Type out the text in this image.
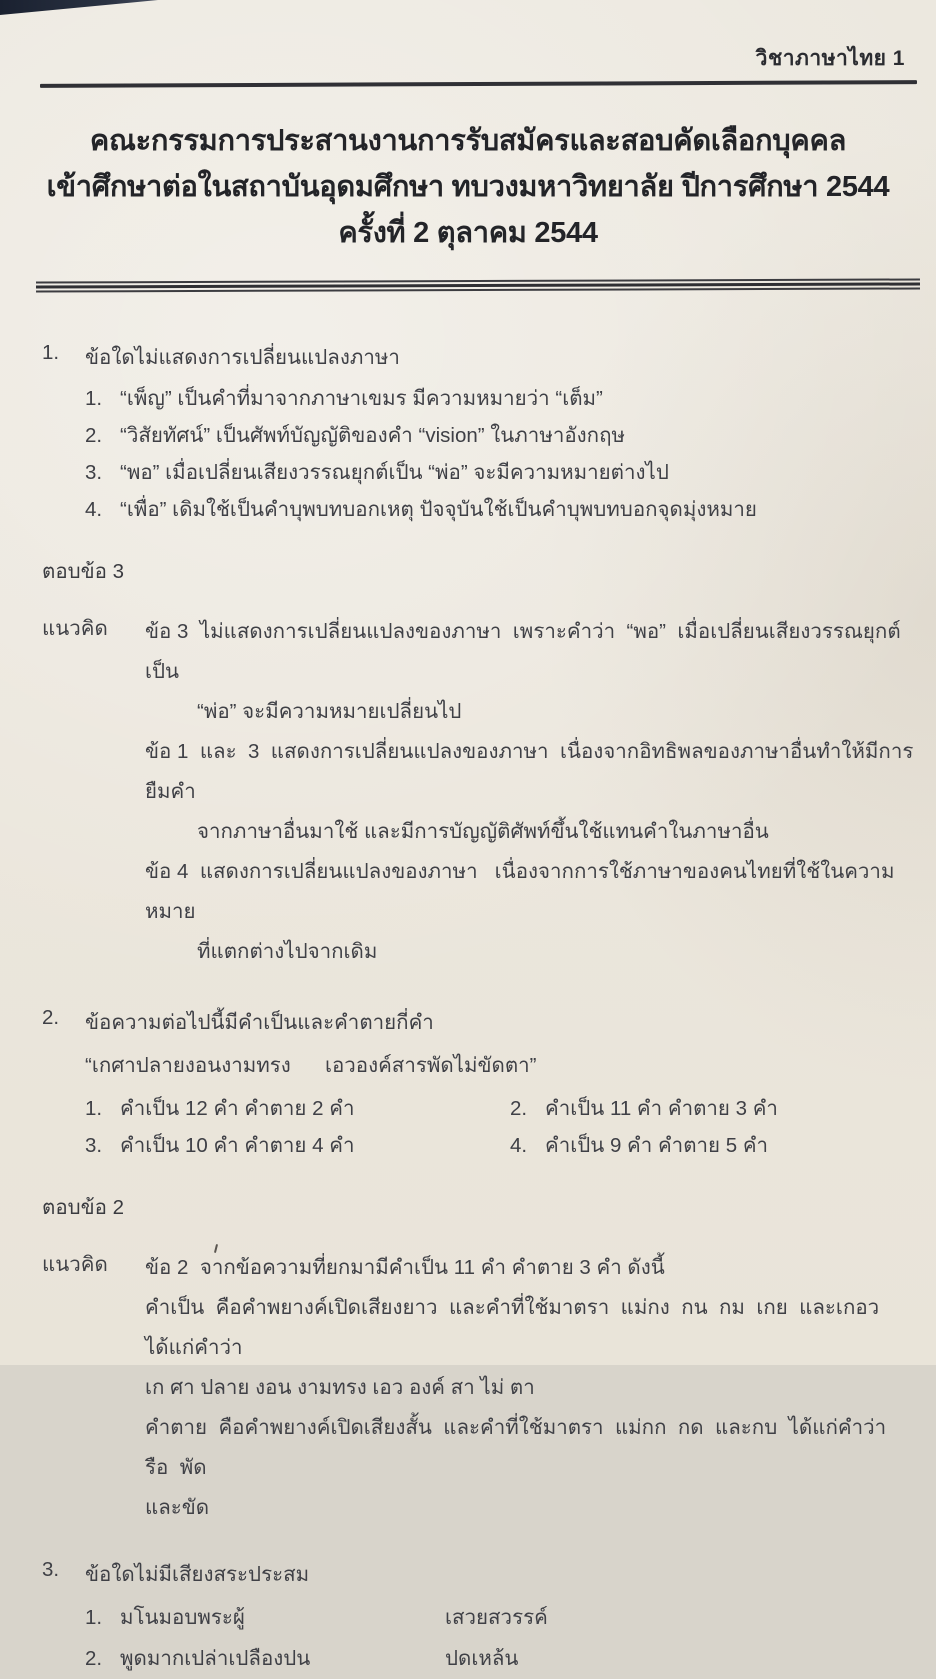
วิชาภาษาไทย 1
คณะกรรมการประสานงานการรับสมัครและสอบคัดเลือกบุคคล
เข้าศึกษาต่อในสถาบันอุดมศึกษา ทบวงมหาวิทยาลัย ปีการศึกษา 2544
ครั้งที่ 2 ตุลาคม 2544
1.	ข้อใดไม่แสดงการเปลี่ยนแปลงภาษา
1. “เพ็ญ” เป็นคำที่มาจากภาษาเขมร มีความหมายว่า “เต็ม”
2. “วิสัยทัศน์” เป็นศัพท์บัญญัติของคำ “vision” ในภาษาอังกฤษ
3. “พอ” เมื่อเปลี่ยนเสียงวรรณยุกต์เป็น “พ่อ” จะมีความหมายต่างไป
4. “เพื่อ” เดิมใช้เป็นคำบุพบทบอกเหตุ ปัจจุบันใช้เป็นคำบุพบทบอกจุดมุ่งหมาย
ตอบข้อ 3
แนวคิด	ข้อ 3  ไม่แสดงการเปลี่ยนแปลงของภาษา  เพราะคำว่า  “พอ”  เมื่อเปลี่ยนเสียงวรรณยุกต์เป็น
“พ่อ” จะมีความหมายเปลี่ยนไป
ข้อ 1  และ  3  แสดงการเปลี่ยนแปลงของภาษา  เนื่องจากอิทธิพลของภาษาอื่นทำให้มีการยืมคำ
จากภาษาอื่นมาใช้ และมีการบัญญัติศัพท์ขึ้นใช้แทนคำในภาษาอื่น
ข้อ 4  แสดงการเปลี่ยนแปลงของภาษา   เนื่องจากการใช้ภาษาของคนไทยที่ใช้ในความหมาย
ที่แตกต่างไปจากเดิม
2.	ข้อความต่อไปนี้มีคำเป็นและคำตายกี่คำ
“เกศาปลายงอนงามทรง      เอวองค์สารพัดไม่ขัดตา”
1. คำเป็น 12 คำ คำตาย 2 คำ	2. คำเป็น 11 คำ คำตาย 3 คำ
3. คำเป็น 10 คำ คำตาย 4 คำ	4. คำเป็น 9 คำ คำตาย 5 คำ
ตอบข้อ 2
แนวคิด	ข้อ 2  จากข้อความที่ยกมามีคำเป็น 11 คำ คำตาย 3 คำ ดังนี้
คำเป็น  คือคำพยางค์เปิดเสียงยาว  และคำที่ใช้มาตรา  แม่กง  กน  กม  เกย  และเกอว  ได้แก่คำว่า
เก ศา ปลาย งอน งามทรง เอว องค์ สา ไม่ ตา
คำตาย  คือคำพยางค์เปิดเสียงสั้น  และคำที่ใช้มาตรา  แม่กก  กด  และกบ  ได้แก่คำว่า  รือ  พัด
และขัด
3.	ข้อใดไม่มีเสียงสระประสม
1. มโนมอบพระผู้	เสวยสวรรค์
2. พูดมากเปล่าเปลืองปน	ปดเหล้น
